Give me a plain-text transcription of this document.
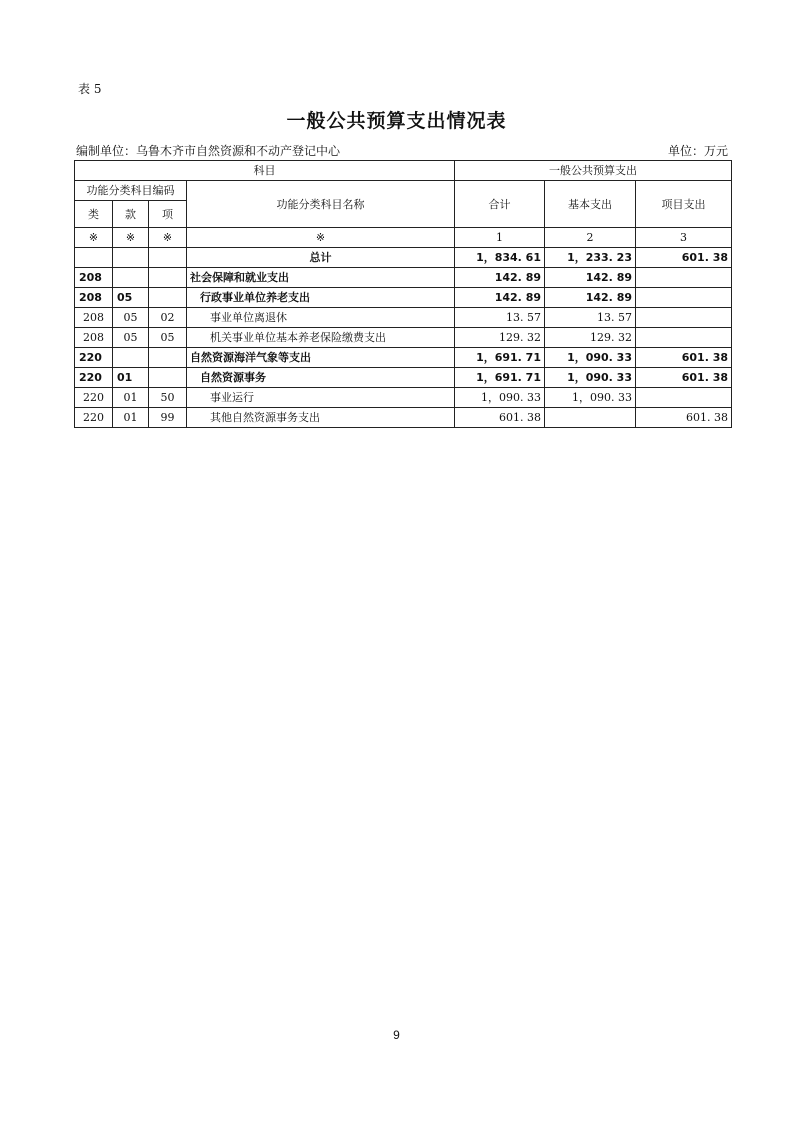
表 5
一般公共预算支出情况表
编制单位：乌鲁木齐市自然资源和不动产登记中心	单位：万元
科目				一般公共预算支出		
功能分类科目编码			功能分类科目名称	合计	基本支出	项目支出
类	款	项				
※	※	※	※	1	2	3
			总计	1，834. 61	1，233. 23	601. 38
208			社会保障和就业支出	142. 89	142. 89	
208	05		行政事业单位养老支出	142. 89	142. 89	
208	05	02	事业单位离退休	13. 57	13. 57	
208	05	05	机关事业单位基本养老保险缴费支出	129. 32	129. 32	
220			自然资源海洋气象等支出	1，691. 71	1，090. 33	601. 38
220	01		自然资源事务	1，691. 71	1，090. 33	601. 38
220	01	50	事业运行	1，090. 33	1，090. 33	
220	01	99	其他自然资源事务支出	601. 38		601. 38
9
